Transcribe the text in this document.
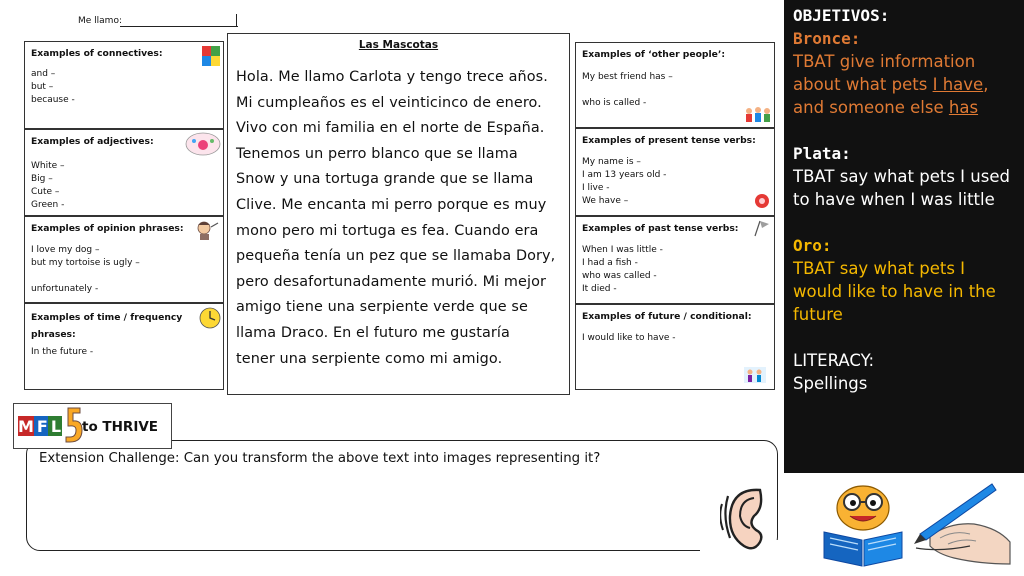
Me llamo:
Examples of connectives:
and –
but –
because -
Examples of adjectives:
White –
Big –
Cute –
Green -
Examples of opinion phrases:
I love my dog –
but my tortoise is ugly –
unfortunately -
Examples of time / frequency phrases:
In the future -
Las Mascotas
Hola. Me llamo Carlota y tengo trece años.
Mi cumpleaños es el veinticinco de enero.
Vivo con mi familia en el norte de España.
Tenemos un perro blanco que se llama
Snow y una tortuga grande que se llama
Clive. Me encanta mi perro porque es muy
mono pero mi tortuga es fea. Cuando era
pequeña tenía un pez que se llamaba Dory,
pero desafortunadamente murió. Mi mejor
amigo tiene una serpiente verde que se
llama Draco. En el futuro me gustaría
tener una serpiente como mi amigo.
Examples of ‘other people’:
My best friend has –
who is called -
Examples of present tense verbs:
My name is –
I am 13 years old -
I live -
We have –
Examples of past tense verbs:
When I was little -
I had a fish -
who was called -
It died -
Examples of future / conditional:
I would like to have -
OBJETIVOS:
Bronce:
TBAT give information about what pets I have, and someone else has
Plata:
TBAT say what pets I used to have when I was little
Oro:
TBAT say what pets I would like to have in the future
LITERACY:
Spellings
Extension Challenge: Can you transform the above text into images representing it?
MFL to THRIVE
